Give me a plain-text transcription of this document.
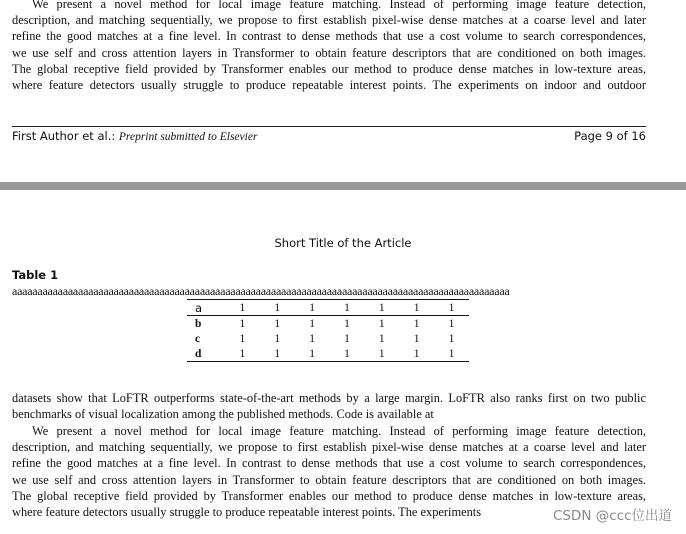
We present a novel method for local image feature matching. Instead of performing image feature detection,
description, and matching sequentially, we propose to first establish pixel-wise dense matches at a coarse level and later
refine the good matches at a fine level. In contrast to dense methods that use a cost volume to search correspondences,
we use self and cross attention layers in Transformer to obtain feature descriptors that are conditioned on both images.
The global receptive field provided by Transformer enables our method to produce dense matches in low-texture areas,
where feature detectors usually struggle to produce repeatable interest points. The experiments on indoor and outdoor
First Author et al.: Preprint submitted to Elsevier	Page 9 of 16
Short Title of the Article
Table 1
aaaaaaaaaaaaaaaaaaaaaaaaaaaaaaaaaaaaaaaaaaaaaaaaaaaaaaaaaaaaaaaaaaaaaaaaaaaaaaaaaaaaaaaaaaaaaaaaaa
a	1	1	1	1	1	1	1
b	1	1	1	1	1	1	1
c	1	1	1	1	1	1	1
d	1	1	1	1	1	1	1
datasets show that LoFTR outperforms state-of-the-art methods by a large margin. LoFTR also ranks first on two public
benchmarks of visual localization among the published methods. Code is available at
We present a novel method for local image feature matching. Instead of performing image feature detection,
description, and matching sequentially, we propose to first establish pixel-wise dense matches at a coarse level and later
refine the good matches at a fine level. In contrast to dense methods that use a cost volume to search correspondences,
we use self and cross attention layers in Transformer to obtain feature descriptors that are conditioned on both images.
The global receptive field provided by Transformer enables our method to produce dense matches in low-texture areas,
where feature detectors usually struggle to produce repeatable interest points. The experiments	CSDN @ccc位出道
